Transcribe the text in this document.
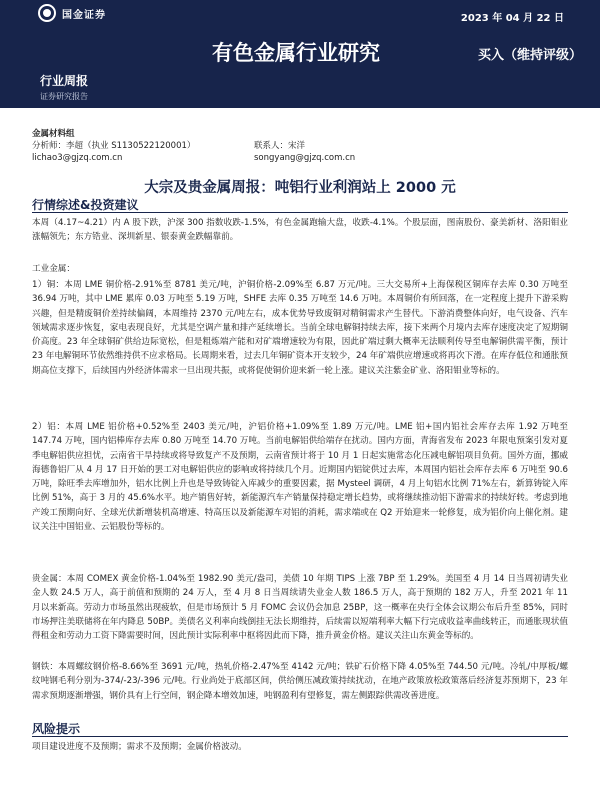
国金证券	2023 年 04 月 22 日
有色金属行业研究	买入（维持评级）
行业周报
证券研究报告
金属材料组
分析师：李超（执业 S1130522120001）	联系人：宋洋
lichao3@gjzq.com.cn	songyang@gjzq.com.cn
大宗及贵金属周报：吨铝行业利润站上 2000 元
行情综述&投资建议
本周（4.17~4.21）内 A 股下跌，沪深 300 指数收跌-1.5%，有色金属跑输大盘，收跌-4.1%。个股层面，图南股份、豪美新材、洛阳钼业涨幅领先；东方锆业、深圳新星、银泰黄金跌幅靠前。
工业金属：
1）铜：本周 LME 铜价格-2.91%至 8781 美元/吨，沪铜价格-2.09%至 6.87 万元/吨。三大交易所+上海保税区铜库存去库 0.30 万吨至 36.94 万吨，其中 LME 累库 0.03 万吨至 5.19 万吨，SHFE 去库 0.35 万吨至 14.6 万吨。本周铜价有所回落，在一定程度上提升下游采购兴趣，但是精废铜价差持续偏阔，本周维持 2370 元/吨左右，成本优势导致废铜对精铜需求产生替代。下游消费整体向好，电气设备、汽车领域需求逐步恢复，家电表现良好，尤其是空调产量和排产延续增长。当前全球电解铜持续去库，接下来两个月境内去库存速度决定了短期铜价高度。23 年全球铜矿供给边际宽松，但是粗炼端产能和对矿端增速较为有限，因此矿端过剩大概率无法顺利传导至电解铜供需平衡，预计 23 年电解铜环节依然维持供不应求格局。长周期来看，过去几年铜矿资本开支较少，24 年矿端供应增速或将再次下滑。在库存低位和通胀预期高位支撑下，后续国内外经济体需求一旦出现共振，或将促使铜价迎来新一轮上涨。建议关注紫金矿业、洛阳钼业等标的。
2）铝：本周 LME 铝价格+0.52%至 2403 美元/吨，沪铝价格+1.09%至 1.89 万元/吨。LME 铝+国内铝社会库存去库 1.92 万吨至 147.74 万吨，国内铝棒库存去库 0.80 万吨至 14.70 万吨。当前电解铝供给端存在扰动。国内方面，青海省发布 2023 年限电预案引发对夏季电解铝供应担忧，云南省干旱持续或将导致复产不及预期，云南省预计将于 10 月 1 日起实施常态化压减电解铝项目负荷。国外方面，挪威海德鲁铝厂从 4 月 17 日开始的罢工对电解铝供应的影响或将持续几个月。近期国内铝锭供过去库，本周国内铝社会库存去库 6 万吨至 90.6 万吨，除旺季去库增加外，铝水比例上升也是导致铸锭入库减少的重要因素，据 Mysteel 调研，4 月上旬铝水比例 71%左右，新算铸锭入库比例 51%，高于 3 月的 45.6%水平。地产销售好转，新能源汽车产销量保持稳定增长趋势，或将继续推动铝下游需求的持续好转。考虑到地产竣工预期向好、全球光伏新增装机高增速、特高压以及新能源车对铝的消耗，需求端或在 Q2 开始迎来一轮修复，成为铝价向上催化剂。建议关注中国铝业、云铝股份等标的。
贵金属：本周 COMEX 黄金价格-1.04%至 1982.90 美元/盎司，美债 10 年期 TIPS 上涨 7BP 至 1.29%。美国至 4 月 14 日当周初请失业金人数 24.5 万人，高于前值和预期的 24 万人，至 4 月 8 日当周续请失业金人数 186.5 万人，高于预期的 182 万人，升至 2021 年 11 月以来新高。劳动力市场虽然出现疲软，但是市场预计 5 月 FOMC 会议仍会加息 25BP，这一概率在央行全体会议期公布后升至 85%，同时市场押注美联储将在年内降息 50BP。美债名义利率向线倒挂无法长期维持，后续需以短端利率大幅下行完成收益率曲线转正，而通胀现状值得租金和劳动力工资下降需要时间，因此预计实际利率中枢将因此而下降，推升黄金价格。建议关注山东黄金等标的。
钢铁：本周螺纹钢价格-8.66%至 3691 元/吨，热轧价格-2.47%至 4142 元/吨；铁矿石价格下降 4.05%至 744.50 元/吨。冷轧/中厚板/螺纹吨钢毛利分别为-374/-23/-396 元/吨。行业尚处于底部区间，供给侧压减政策持续扰动，在地产政策放松政策落后经济复苏预期下，23 年需求预期逐渐增强，钢价具有上行空间，钢企降本增效加速，吨钢盈利有望修复，需左侧跟踪供需改善进度。
风险提示
项目建设进度不及预期；需求不及预期；金属价格波动。
